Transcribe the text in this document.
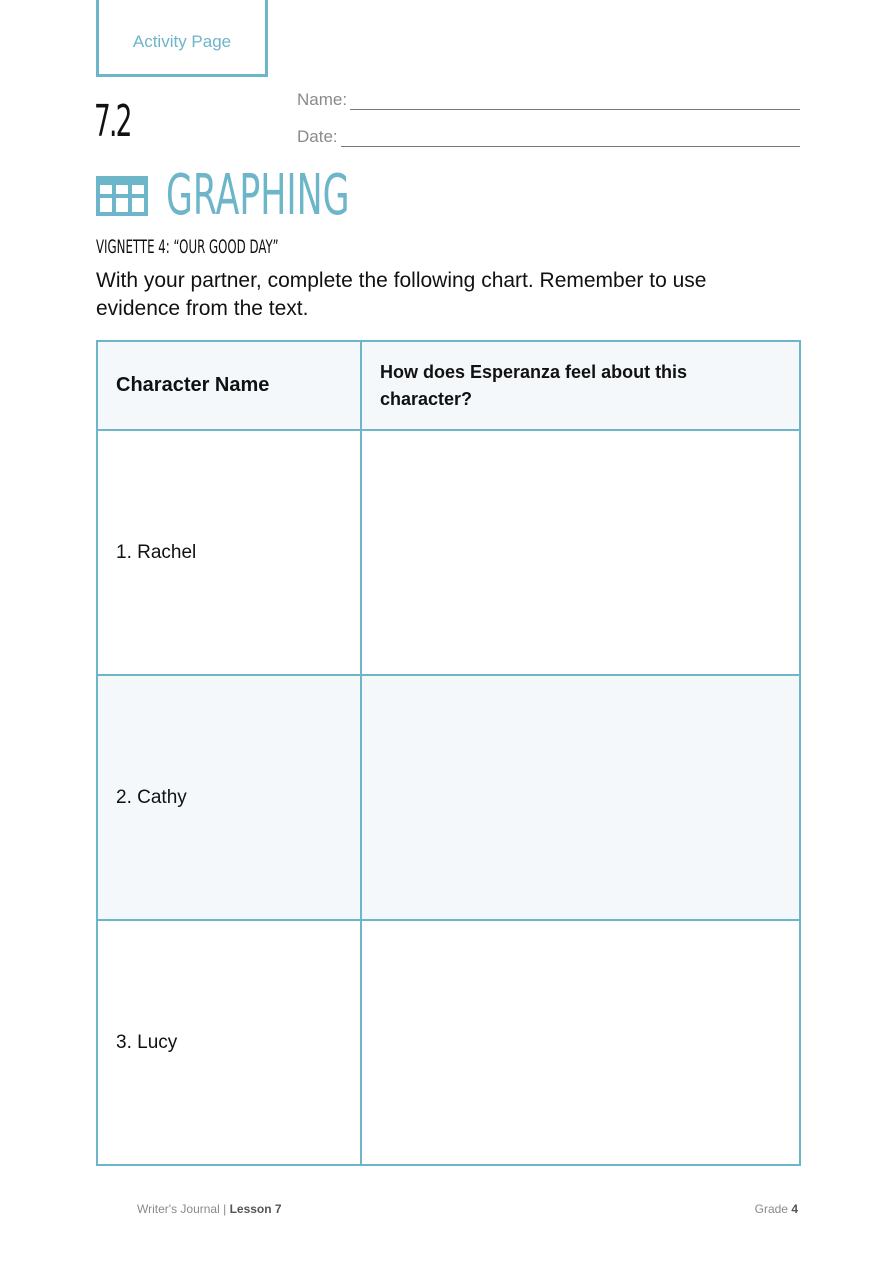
Activity Page
7.2	Name:
Date:
GRAPHING
VIGNETTE 4: “OUR GOOD DAY”
With your partner, complete the following chart. Remember to use evidence from the text.
Character Name	How does Esperanza feel about this character?
1. Rachel	
2. Cathy	
3. Lucy	
Writer's Journal | Lesson 7	Grade 4
